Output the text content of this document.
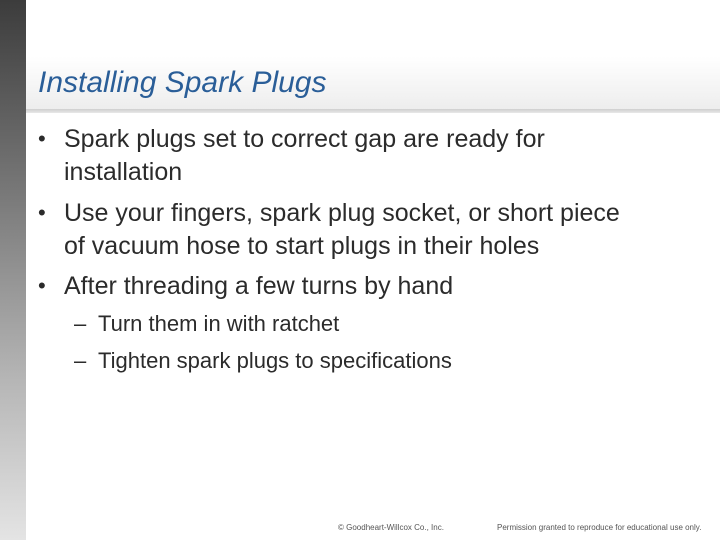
Installing Spark Plugs
• Spark plugs set to correct gap are ready for
installation
• Use your fingers, spark plug socket, or short piece
of vacuum hose to start plugs in their holes
• After threading a few turns by hand
– Turn them in with ratchet
– Tighten spark plugs to specifications
© Goodheart-Willcox Co., Inc.	Permission granted to reproduce for educational use only.
